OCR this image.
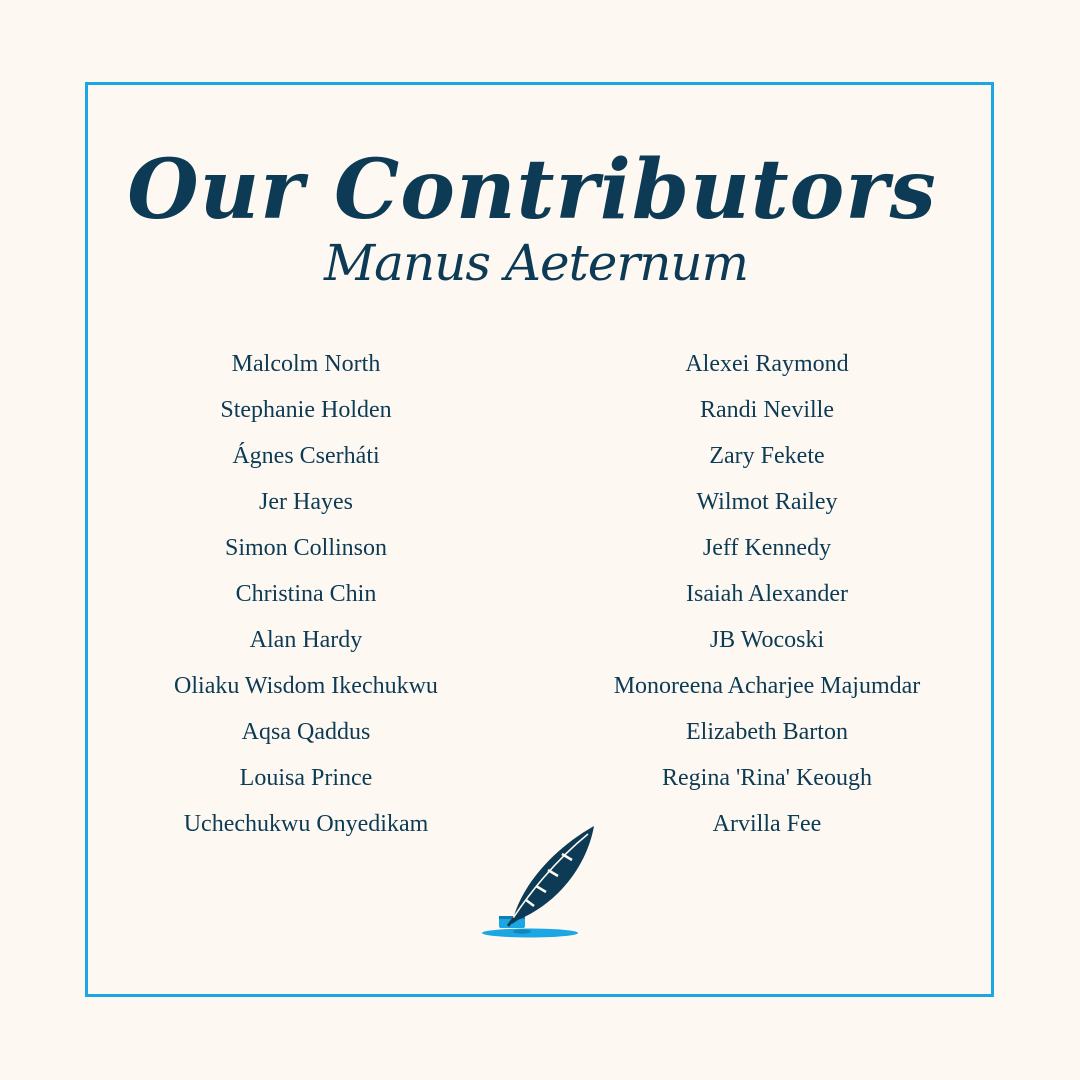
Our Contributors
Manus Aeternum
Malcolm North
Stephanie Holden
Ágnes Cserháti
Jer Hayes
Simon Collinson
Christina Chin
Alan Hardy
Oliaku Wisdom Ikechukwu
Aqsa Qaddus
Louisa Prince
Uchechukwu Onyedikam
Alexei Raymond
Randi Neville
Zary Fekete
Wilmot Railey
Jeff Kennedy
Isaiah Alexander
JB Wocoski
Monoreena Acharjee Majumdar
Elizabeth Barton
Regina 'Rina' Keough
Arvilla Fee
